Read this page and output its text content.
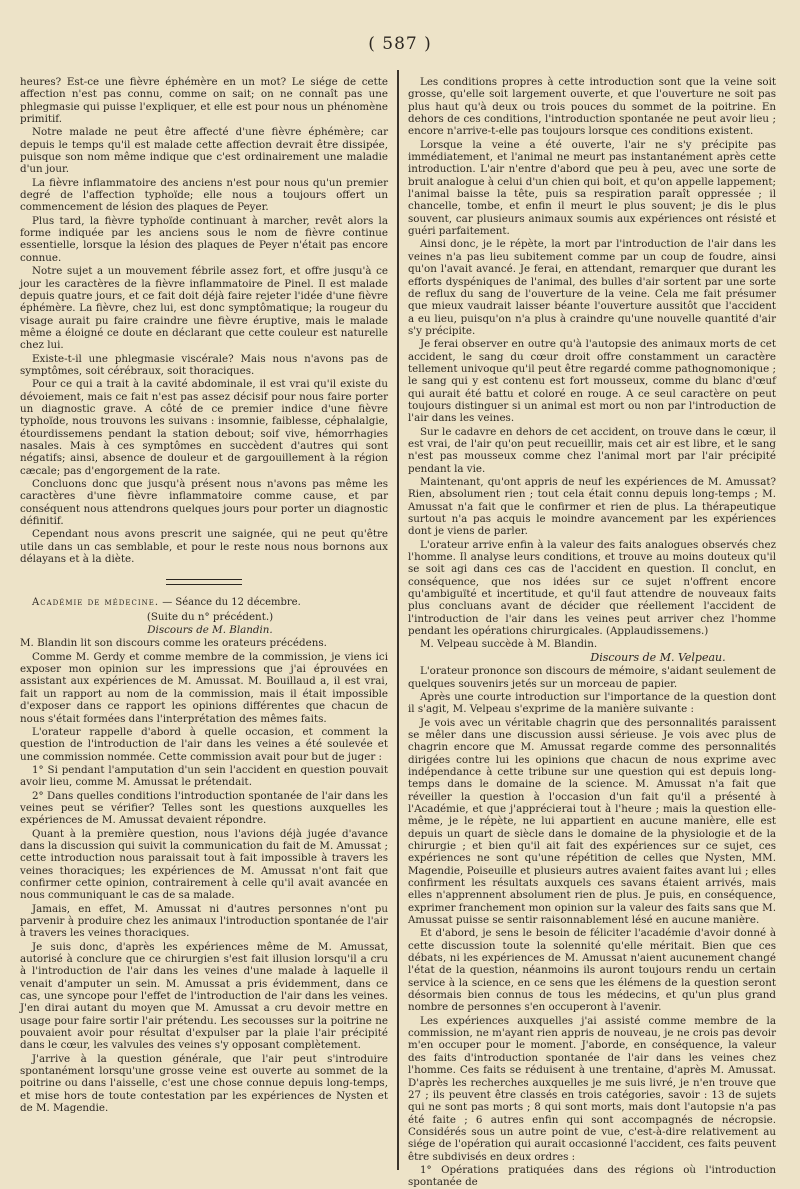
( 587 )

heures? Est-ce une fièvre éphémère en un mot? Le siége de cette affection n'est pas connu, comme on sait; on ne connaît pas une phlegmasie qui puisse l'expliquer, et elle est pour nous un phénomène primitif.

Notre malade ne peut être affecté d'une fièvre éphémère; car depuis le temps qu'il est malade cette affection devrait être dissipée, puisque son nom même indique que c'est ordinairement une maladie d'un jour.

La fièvre inflammatoire des anciens n'est pour nous qu'un premier degré de l'affection typhoïde; elle nous a toujours offert un commencement de lésion des plaques de Peyer.

Plus tard, la fièvre typhoïde continuant à marcher, revêt alors la forme indiquée par les anciens sous le nom de fièvre continue essentielle, lorsque la lésion des plaques de Peyer n'était pas encore connue.

Notre sujet a un mouvement fébrile assez fort, et offre jusqu'à ce jour les caractères de la fièvre inflammatoire de Pinel. Il est malade depuis quatre jours, et ce fait doit déjà faire rejeter l'idée d'une fièvre éphémère. La fièvre, chez lui, est donc symptômatique; la rougeur du visage aurait pu faire craindre une fièvre éruptive, mais le malade même a éloigné ce doute en déclarant que cette couleur est naturelle chez lui.

Existe-t-il une phlegmasie viscérale? Mais nous n'avons pas de symptômes, soit cérébraux, soit thoraciques.

Pour ce qui a trait à la cavité abdominale, il est vrai qu'il existe du dévoiement, mais ce fait n'est pas assez décisif pour nous faire porter un diagnostic grave. A côté de ce premier indice d'une fièvre typhoïde, nous trouvons les suivans : insomnie, faiblesse, céphalalgie, étourdissemens pendant la station debout; soif vive, hémorrhagies nasales. Mais à ces symptômes en succèdent d'autres qui sont négatifs; ainsi, absence de douleur et de gargouillement à la région cæcale; pas d'engorgement de la rate.

Concluons donc que jusqu'à présent nous n'avons pas même les caractères d'une fièvre inflammatoire comme cause, et par conséquent nous attendrons quelques jours pour porter un diagnostic définitif.

Cependant nous avons prescrit une saignée, qui ne peut qu'être utile dans un cas semblable, et pour le reste nous nous bornons aux délayans et à la diète.

Académie de médecine. — Séance du 12 décembre.

(Suite du n° précédent.)

Discours de M. Blandin.

M. Blandin lit son discours comme les orateurs précédens.

Comme M. Gerdy et comme membre de la commission, je viens ici exposer mon opinion sur les impressions que j'ai éprouvées en assistant aux expériences de M. Amussat. M. Bouillaud a, il est vrai, fait un rapport au nom de la commission, mais il était impossible d'exposer dans ce rapport les opinions différentes que chacun de nous s'était formées dans l'interprétation des mêmes faits.

L'orateur rappelle d'abord à quelle occasion, et comment la question de l'introduction de l'air dans les veines a été soulevée et une commission nommée. Cette commission avait pour but de juger :

1° Si pendant l'amputation d'un sein l'accident en question pouvait avoir lieu, comme M. Amussat le prétendait.

2° Dans quelles conditions l'introduction spontanée de l'air dans les veines peut se vérifier? Telles sont les questions auxquelles les expériences de M. Amussat devaient répondre.

Quant à la première question, nous l'avions déjà jugée d'avance dans la discussion qui suivit la communication du fait de M. Amussat ; cette introduction nous paraissait tout à fait impossible à travers les veines thoraciques; les expériences de M. Amussat n'ont fait que confirmer cette opinion, contrairement à celle qu'il avait avancée en nous communiquant le cas de sa malade.

Jamais, en effet, M. Amussat ni d'autres personnes n'ont pu parvenir à produire chez les animaux l'introduction spontanée de l'air à travers les veines thoraciques.

Je suis donc, d'après les expériences même de M. Amussat, autorisé à conclure que ce chirurgien s'est fait illusion lorsqu'il a cru à l'introduction de l'air dans les veines d'une malade à laquelle il venait d'amputer un sein. M. Amussat a pris évidemment, dans ce cas, une syncope pour l'effet de l'introduction de l'air dans les veines. J'en dirai autant du moyen que M. Amussat a cru devoir mettre en usage pour faire sortir l'air prétendu. Les secousses sur la poitrine ne pouvaient avoir pour résultat d'expulser par la plaie l'air précipité dans le cœur, les valvules des veines s'y opposant complètement.

J'arrive à la question générale, que l'air peut s'introduire spontanément lorsqu'une grosse veine est ouverte au sommet de la poitrine ou dans l'aisselle, c'est une chose connue depuis long-temps, et mise hors de toute contestation par les expériences de Nysten et de M. Magendie.

Les conditions propres à cette introduction sont que la veine soit grosse, qu'elle soit largement ouverte, et que l'ouverture ne soit pas plus haut qu'à deux ou trois pouces du sommet de la poitrine. En dehors de ces conditions, l'introduction spontanée ne peut avoir lieu ; encore n'arrive-t-elle pas toujours lorsque ces conditions existent.

Lorsque la veine a été ouverte, l'air ne s'y précipite pas immédiatement, et l'animal ne meurt pas instantanément après cette introduction. L'air n'entre d'abord que peu à peu, avec une sorte de bruit analogue à celui d'un chien qui boit, et qu'on appelle lappement; l'animal baisse la tête, puis sa respiration paraît oppressée ; il chancelle, tombe, et enfin il meurt le plus souvent; je dis le plus souvent, car plusieurs animaux soumis aux expériences ont résisté et guéri parfaitement.

Ainsi donc, je le répète, la mort par l'introduction de l'air dans les veines n'a pas lieu subitement comme par un coup de foudre, ainsi qu'on l'avait avancé. Je ferai, en attendant, remarquer que durant les efforts dyspéniques de l'animal, des bulles d'air sortent par une sorte de reflux du sang de l'ouverture de la veine. Cela me fait présumer que mieux vaudrait laisser béante l'ouverture aussitôt que l'accident a eu lieu, puisqu'on n'a plus à craindre qu'une nouvelle quantité d'air s'y précipite.

Je ferai observer en outre qu'à l'autopsie des animaux morts de cet accident, le sang du cœur droit offre constamment un caractère tellement univoque qu'il peut être regardé comme pathognomonique ; le sang qui y est contenu est fort mousseux, comme du blanc d'œuf qui aurait été battu et coloré en rouge. A ce seul caractère on peut toujours distinguer si un animal est mort ou non par l'introduction de l'air dans les veines.

Sur le cadavre en dehors de cet accident, on trouve dans le cœur, il est vrai, de l'air qu'on peut recueillir, mais cet air est libre, et le sang n'est pas mousseux comme chez l'animal mort par l'air précipité pendant la vie.

Maintenant, qu'ont appris de neuf les expériences de M. Amussat? Rien, absolument rien ; tout cela était connu depuis long-temps ; M. Amussat n'a fait que le confirmer et rien de plus. La thérapeutique surtout n'a pas acquis le moindre avancement par les expériences dont je viens de parler.

L'orateur arrive enfin à la valeur des faits analogues observés chez l'homme. Il analyse leurs conditions, et trouve au moins douteux qu'il se soit agi dans ces cas de l'accident en question. Il conclut, en conséquence, que nos idées sur ce sujet n'offrent encore qu'ambiguïté et incertitude, et qu'il faut attendre de nouveaux faits plus concluans avant de décider que réellement l'accident de l'introduction de l'air dans les veines peut arriver chez l'homme pendant les opérations chirurgicales. (Applaudissemens.)

M. Velpeau succède à M. Blandin.

Discours de M. Velpeau.

L'orateur prononce son discours de mémoire, s'aidant seulement de quelques souvenirs jetés sur un morceau de papier.

Après une courte introduction sur l'importance de la question dont il s'agit, M. Velpeau s'exprime de la manière suivante :

Je vois avec un véritable chagrin que des personnalités paraissent se mêler dans une discussion aussi sérieuse. Je vois avec plus de chagrin encore que M. Amussat regarde comme des personnalités dirigées contre lui les opinions que chacun de nous exprime avec indépendance à cette tribune sur une question qui est depuis long-temps dans le domaine de la science. M. Amussat n'a fait que réveiller la question à l'occasion d'un fait qu'il a présenté à l'Académie, et que j'apprécierai tout à l'heure ; mais la question elle-même, je le répète, ne lui appartient en aucune manière, elle est depuis un quart de siècle dans le domaine de la physiologie et de la chirurgie ; et bien qu'il ait fait des expériences sur ce sujet, ces expériences ne sont qu'une répétition de celles que Nysten, MM. Magendie, Poiseuille et plusieurs autres avaient faites avant lui ; elles confirment les résultats auxquels ces savans étaient arrivés, mais elles n'apprennent absolument rien de plus. Je puis, en conséquence, exprimer franchement mon opinion sur la valeur des faits sans que M. Amussat puisse se sentir raisonnablement lésé en aucune manière.

Et d'abord, je sens le besoin de féliciter l'académie d'avoir donné à cette discussion toute la solennité qu'elle méritait. Bien que ces débats, ni les expériences de M. Amussat n'aient aucunement changé l'état de la question, néanmoins ils auront toujours rendu un certain service à la science, en ce sens que les élémens de la question seront désormais bien connus de tous les médecins, et qu'un plus grand nombre de personnes s'en occuperont à l'avenir.

Les expériences auxquelles j'ai assisté comme membre de la commission, ne m'ayant rien appris de nouveau, je ne crois pas devoir m'en occuper pour le moment. J'aborde, en conséquence, la valeur des faits d'introduction spontanée de l'air dans les veines chez l'homme. Ces faits se réduisent à une trentaine, d'après M. Amussat. D'après les recherches auxquelles je me suis livré, je n'en trouve que 27 ; ils peuvent être classés en trois catégories, savoir : 13 de sujets qui ne sont pas morts ; 8 qui sont morts, mais dont l'autopsie n'a pas été faite ; 6 autres enfin qui sont accompagnés de nécropsie. Considérés sous un autre point de vue, c'est-à-dire relativement au siége de l'opération qui aurait occasionné l'accident, ces faits peuvent être subdivisés en deux ordres :

1° Opérations pratiquées dans des régions où l'introduction spontanée de
